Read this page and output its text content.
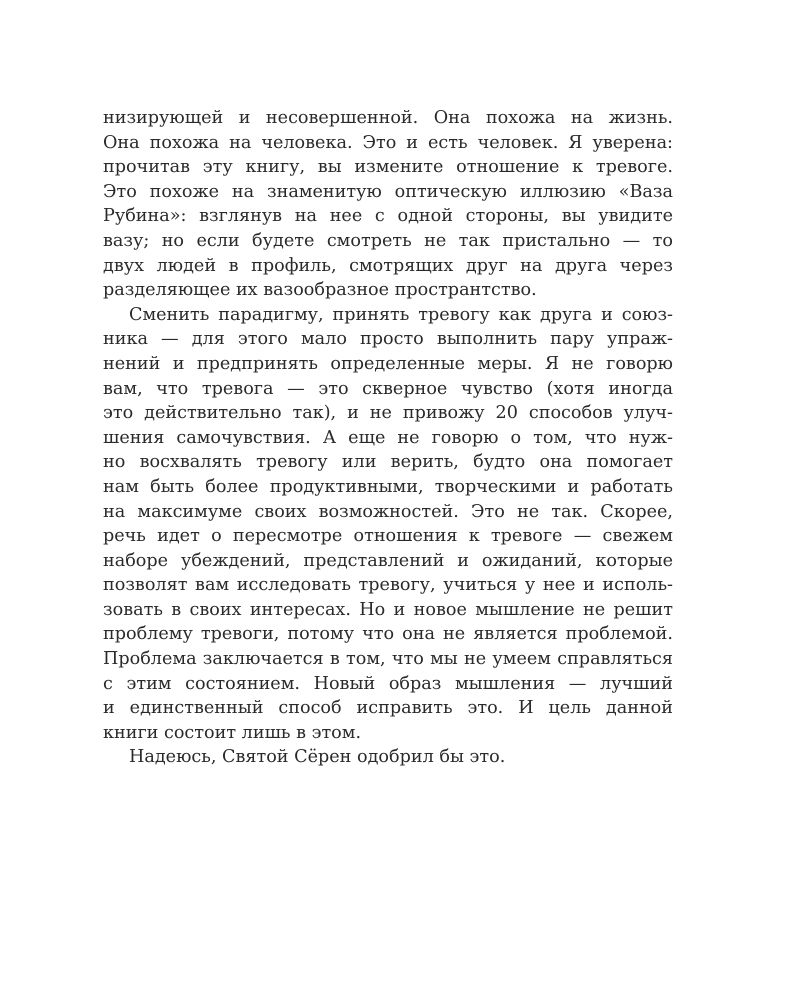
низирующей и несовершенной. Она похожа на жизнь.
Она похожа на человека. Это и есть человек. Я уверена:
прочитав эту книгу, вы измените отношение к тревоге.
Это похоже на знаменитую оптическую иллюзию «Ваза
Рубина»: взглянув на нее с одной стороны, вы увидите
вазу; но если будете смотреть не так пристально — то
двух людей в профиль, смотрящих друг на друга через
разделяющее их вазообразное пространтство.
Сменить парадигму, принять тревогу как друга и союз-
ника — для этого мало просто выполнить пару упраж-
нений и предпринять определенные меры. Я не говорю
вам, что тревога — это скверное чувство (хотя иногда
это действительно так), и не привожу 20 способов улуч-
шения самочувствия. А еще не говорю о том, что нуж-
но восхвалять тревогу или верить, будто она помогает
нам быть более продуктивными, творческими и работать
на максимуме своих возможностей. Это не так. Скорее,
речь идет о пересмотре отношения к тревоге — свежем
наборе убеждений, представлений и ожиданий, которые
позволят вам исследовать тревогу, учиться у нее и исполь-
зовать в своих интересах. Но и новое мышление не решит
проблему тревоги, потому что она не является проблемой.
Проблема заключается в том, что мы не умеем справляться
с этим состоянием. Новый образ мышления — лучший
и единственный способ исправить это. И цель данной
книги состоит лишь в этом.
Надеюсь, Святой Сёрен одобрил бы это.
